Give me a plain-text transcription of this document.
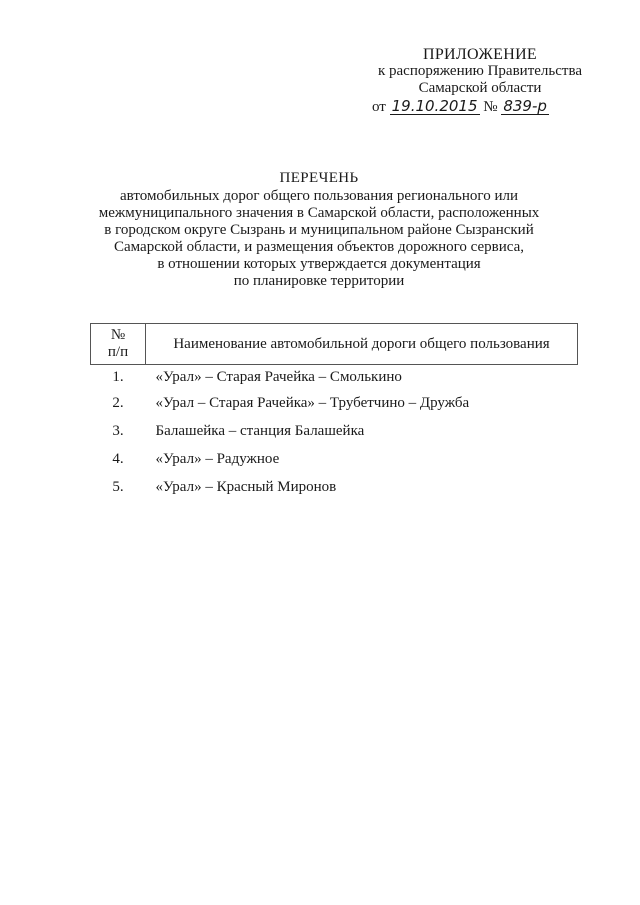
ПРИЛОЖЕНИЕ
к распоряжению Правительства
Самарской области
от 19.10.2015 № 839-р
ПЕРЕЧЕНЬ
автомобильных дорог общего пользования регионального или
межмуниципального значения в Самарской области, расположенных
в городском округе Сызрань и муниципальном районе Сызранский
Самарской области, и размещения объектов дорожного сервиса,
в отношении которых утверждается документация
по планировке территории
№
п/п	Наименование автомобильной дороги общего пользования
1.	«Урал» – Старая Рачейка – Смолькино
2.	«Урал – Старая Рачейка» – Трубетчино – Дружба
3.	Балашейка – станция Балашейка
4.	«Урал» – Радужное
5.	«Урал» – Красный Миронов
